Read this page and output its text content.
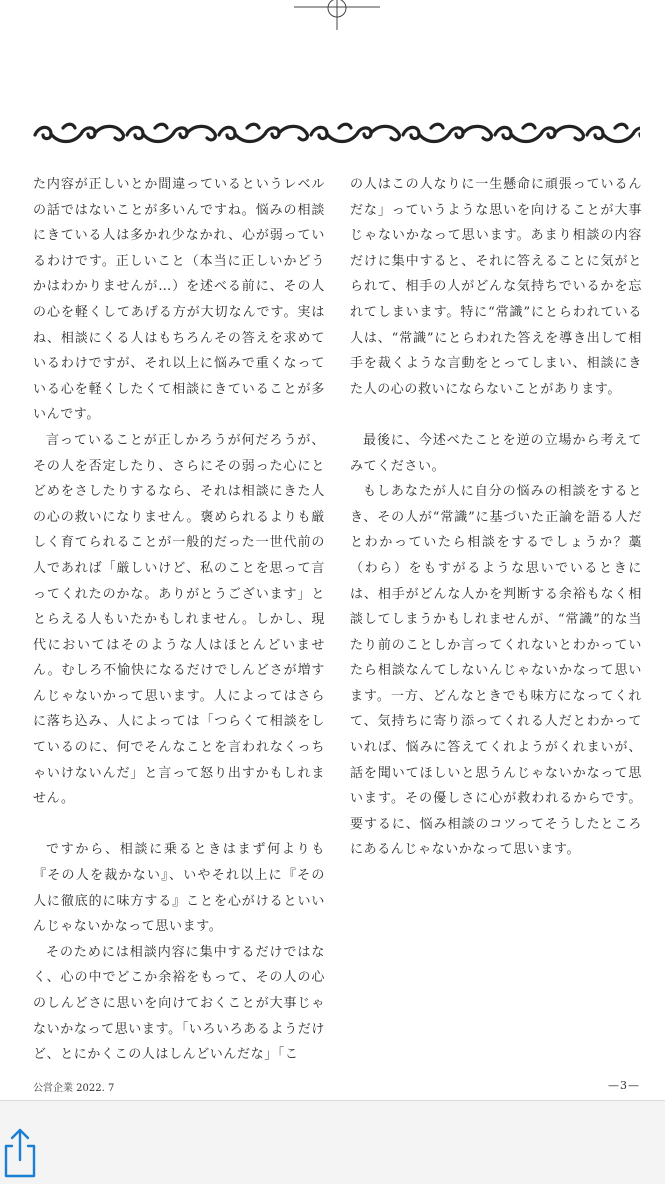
た内容が正しいとか間違っているというレベルの話ではないことが多いんですね。悩みの相談にきている人は多かれ少なかれ、心が弱っているわけです。正しいこと（本当に正しいかどうかはわかりませんが…）を述べる前に、その人の心を軽くしてあげる方が大切なんです。実はね、相談にくる人はもちろんその答えを求めているわけですが、それ以上に悩みで重くなっている心を軽くしたくて相談にきていることが多いんです。

言っていることが正しかろうが何だろうが、その人を否定したり、さらにその弱った心にとどめをさしたりするなら、それは相談にきた人の心の救いになりません。褒められるよりも厳しく育てられることが一般的だった一世代前の人であれば「厳しいけど、私のことを思って言ってくれたのかな。ありがとうございます」ととらえる人もいたかもしれません。しかし、現代においてはそのような人はほとんどいません。むしろ不愉快になるだけでしんどさが増すんじゃないかって思います。人によってはさらに落ち込み、人によっては「つらくて相談をしているのに、何でそんなことを言われなくっちゃいけないんだ」と言って怒り出すかもしれません。

ですから、相談に乗るときはまず何よりも『その人を裁かない』、いやそれ以上に『その人に徹底的に味方する』ことを心がけるといいんじゃないかなって思います。

そのためには相談内容に集中するだけではなく、心の中でどこか余裕をもって、その人の心のしんどさに思いを向けておくことが大事じゃないかなって思います。「いろいろあるようだけど、とにかくこの人はしんどいんだな」「こ

の人はこの人なりに一生懸命に頑張っているんだな」っていうような思いを向けることが大事じゃないかなって思います。あまり相談の内容だけに集中すると、それに答えることに気がとられて、相手の人がどんな気持ちでいるかを忘れてしまいます。特に“常識”にとらわれている人は、“常識”にとらわれた答えを導き出して相手を裁くような言動をとってしまい、相談にきた人の心の救いにならないことがあります。

最後に、今述べたことを逆の立場から考えてみてください。

もしあなたが人に自分の悩みの相談をするとき、その人が“常識”に基づいた正論を語る人だとわかっていたら相談をするでしょうか？藁（わら）をもすがるような思いでいるときには、相手がどんな人かを判断する余裕もなく相談してしまうかもしれませんが、“常識”的な当たり前のことしか言ってくれないとわかっていたら相談なんてしないんじゃないかなって思います。一方、どんなときでも味方になってくれて、気持ちに寄り添ってくれる人だとわかっていれば、悩みに答えてくれようがくれまいが、話を聞いてほしいと思うんじゃないかなって思います。その優しさに心が救われるからです。要するに、悩み相談のコツってそうしたところにあるんじゃないかなって思います。

公営企業 2022. 7	—3—
